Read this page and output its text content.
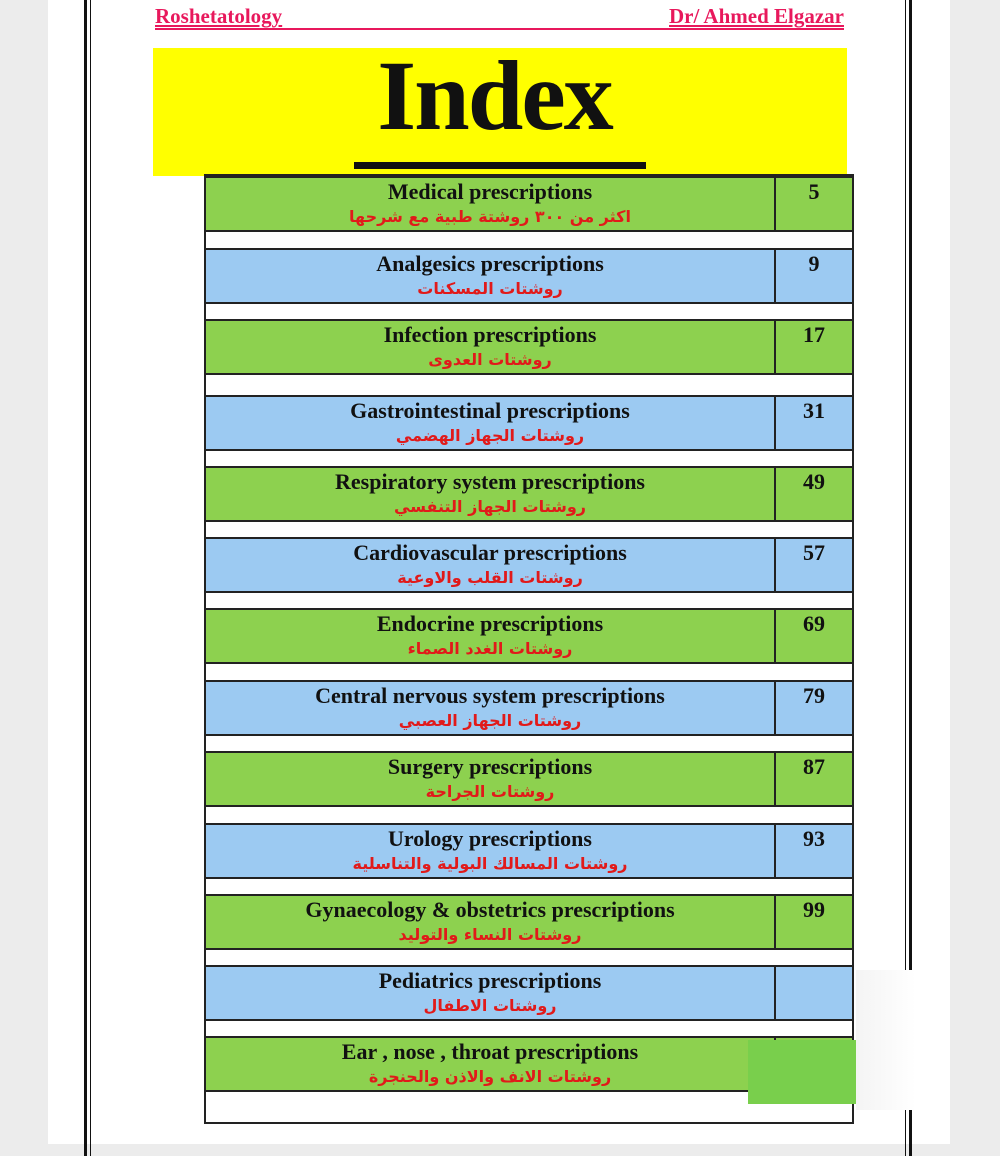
Roshetatology	Dr/ Ahmed Elgazar
Index
Medical prescriptions
اكثر من ٣٠٠ روشتة طبية مع شرحها
5
Analgesics prescriptions
روشتات المسكنات
9
Infection prescriptions
روشتات العدوى
17
Gastrointestinal prescriptions
روشتات الجهاز الهضمي
31
Respiratory system prescriptions
روشتات الجهاز التنفسي
49
Cardiovascular prescriptions
روشتات القلب والاوعية
57
Endocrine prescriptions
روشتات الغدد الصماء
69
Central nervous system prescriptions
روشتات الجهاز العصبي
79
Surgery prescriptions
روشتات الجراحة
87
Urology prescriptions
روشتات المسالك البولية والتناسلية
93
Gynaecology & obstetrics prescriptions
روشتات النساء والتوليد
99
Pediatrics prescriptions
روشتات الاطفال
Ear , nose , throat prescriptions
روشتات الانف والاذن والحنجرة
